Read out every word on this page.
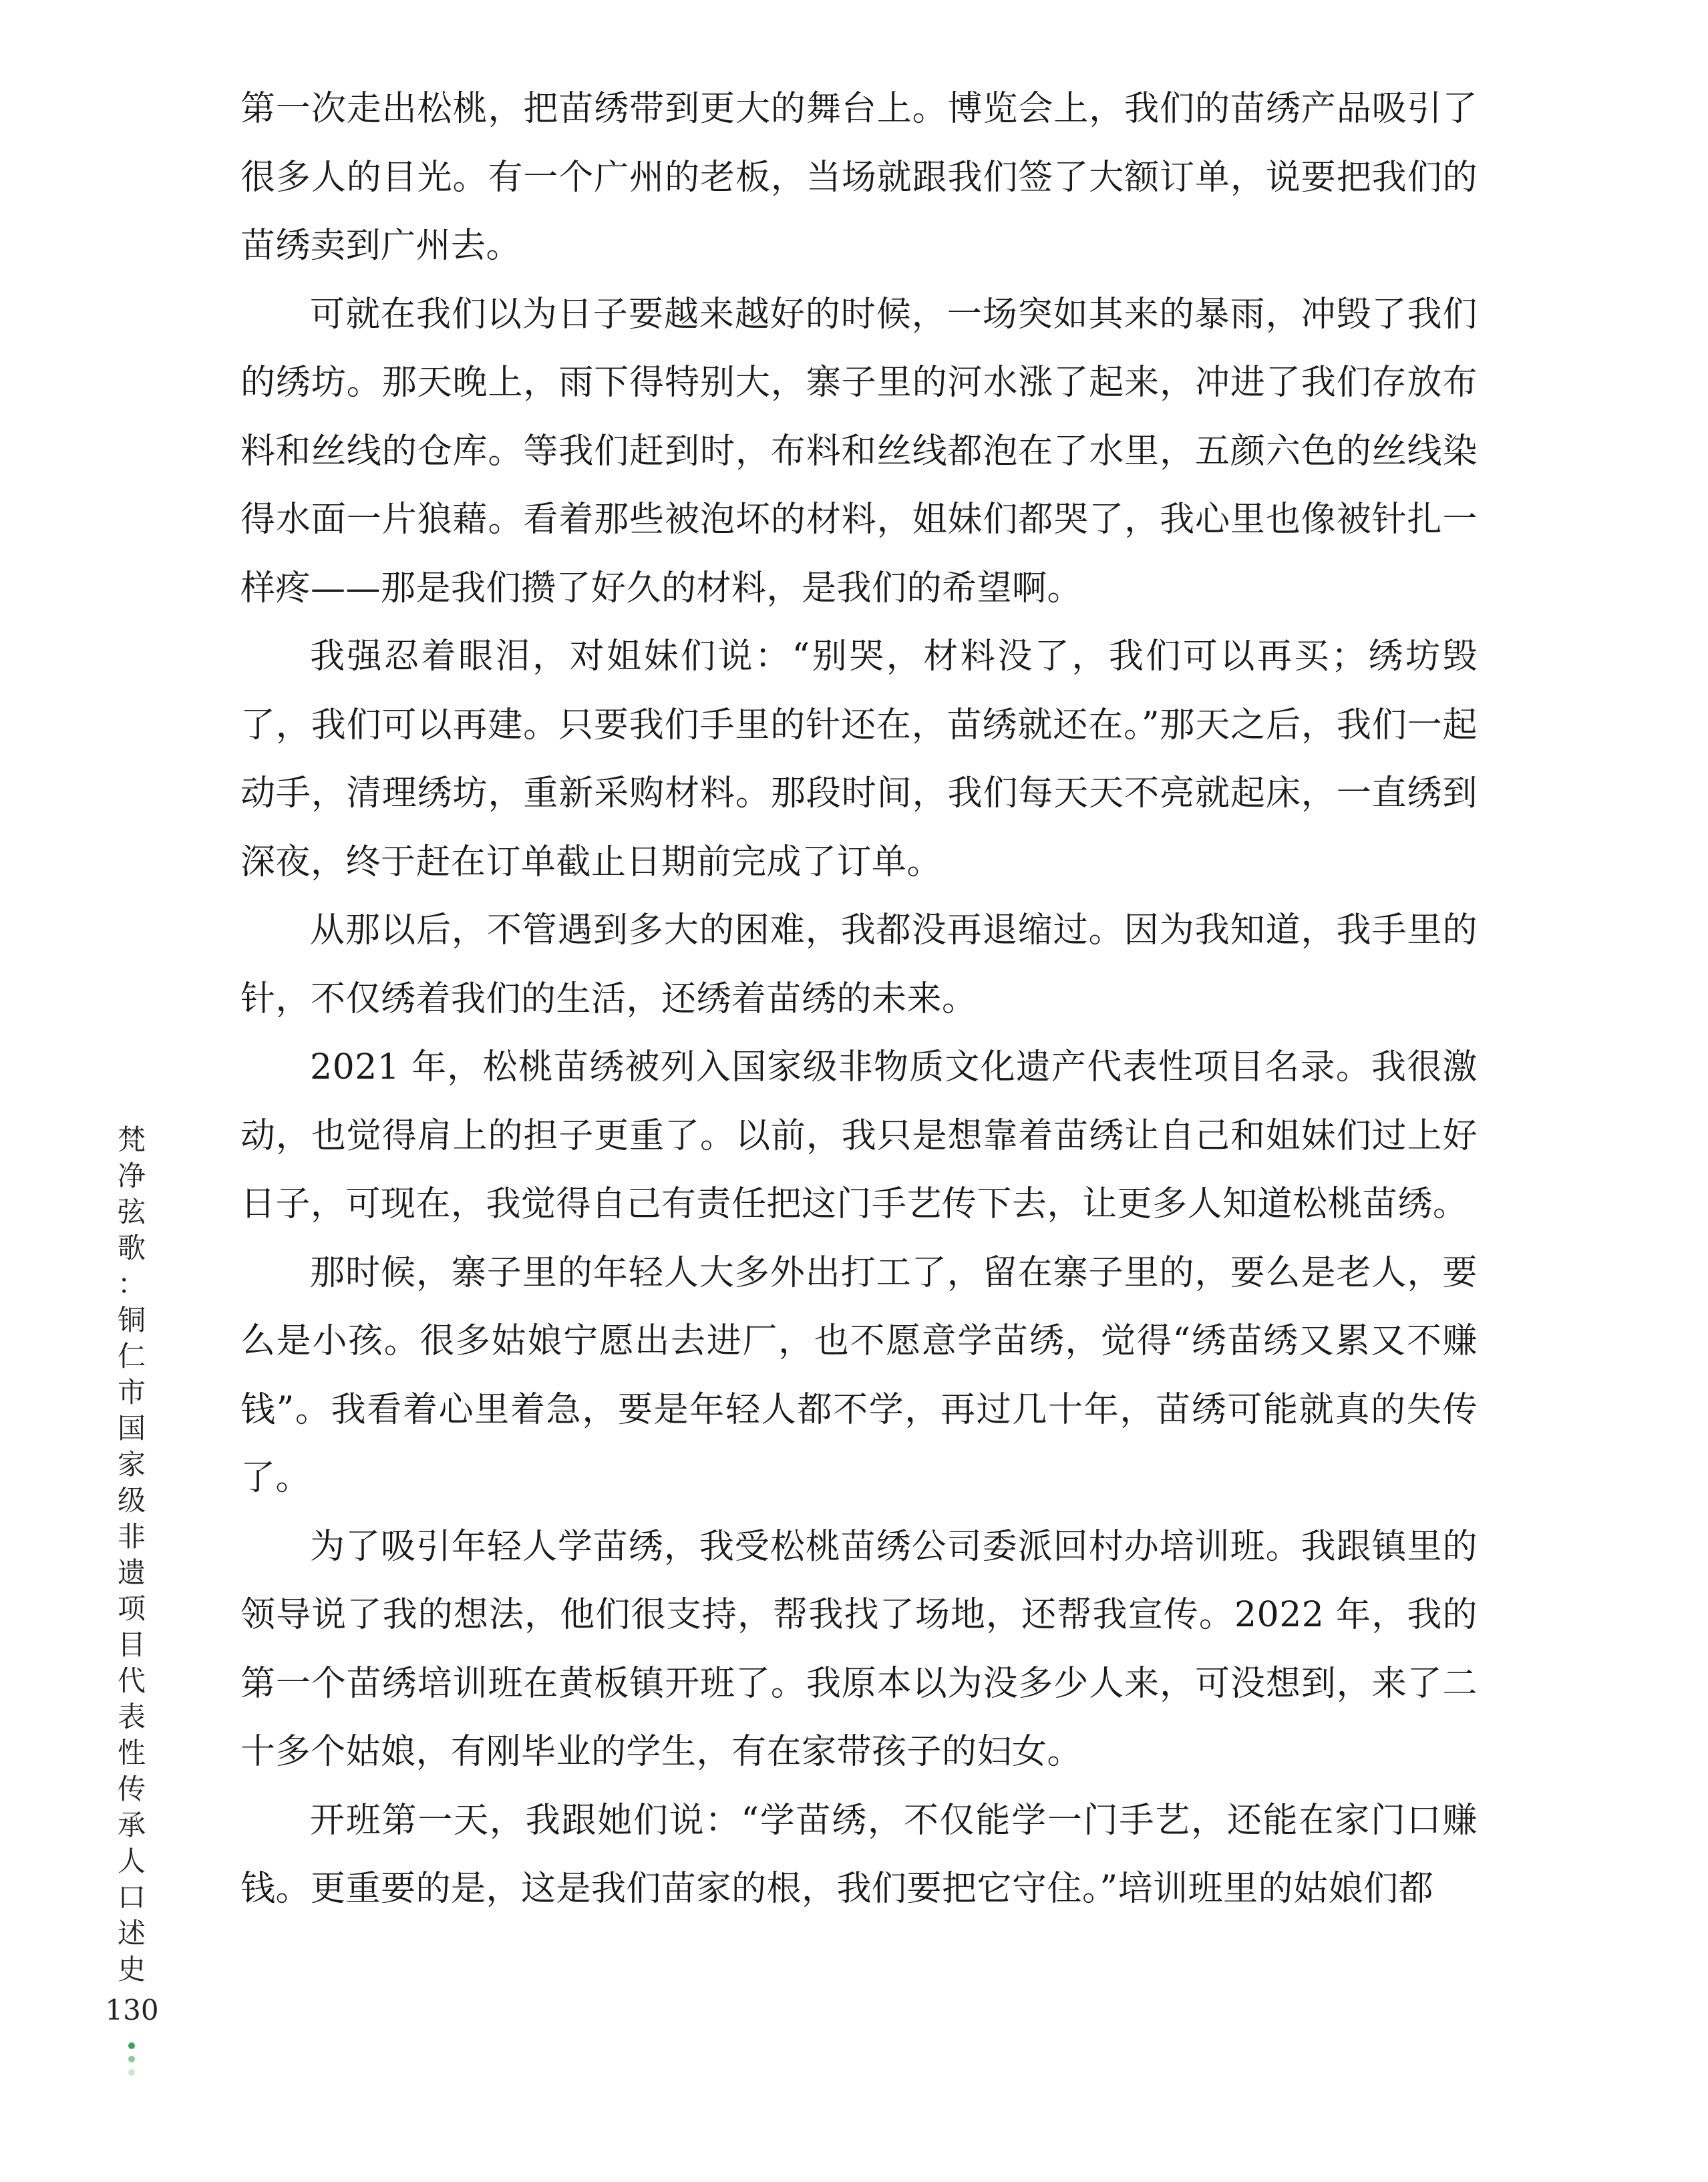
第一次走出松桃，把苗绣带到更大的舞台上。博览会上，我们的苗绣产品吸引了很多人的目光。有一个广州的老板，当场就跟我们签了大额订单，说要把我们的苗绣卖到广州去。

可就在我们以为日子要越来越好的时候，一场突如其来的暴雨，冲毁了我们的绣坊。那天晚上，雨下得特别大，寨子里的河水涨了起来，冲进了我们存放布料和丝线的仓库。等我们赶到时，布料和丝线都泡在了水里，五颜六色的丝线染得水面一片狼藉。看着那些被泡坏的材料，姐妹们都哭了，我心里也像被针扎一样疼——那是我们攒了好久的材料，是我们的希望啊。

我强忍着眼泪，对姐妹们说：“别哭，材料没了，我们可以再买；绣坊毁了，我们可以再建。只要我们手里的针还在，苗绣就还在。”那天之后，我们一起动手，清理绣坊，重新采购材料。那段时间，我们每天天不亮就起床，一直绣到深夜，终于赶在订单截止日期前完成了订单。

从那以后，不管遇到多大的困难，我都没再退缩过。因为我知道，我手里的针，不仅绣着我们的生活，还绣着苗绣的未来。

2021 年，松桃苗绣被列入国家级非物质文化遗产代表性项目名录。我很激动，也觉得肩上的担子更重了。以前，我只是想靠着苗绣让自己和姐妹们过上好日子，可现在，我觉得自己有责任把这门手艺传下去，让更多人知道松桃苗绣。

那时候，寨子里的年轻人大多外出打工了，留在寨子里的，要么是老人，要么是小孩。很多姑娘宁愿出去进厂，也不愿意学苗绣，觉得“绣苗绣又累又不赚钱”。我看着心里着急，要是年轻人都不学，再过几十年，苗绣可能就真的失传了。

为了吸引年轻人学苗绣，我受松桃苗绣公司委派回村办培训班。我跟镇里的领导说了我的想法，他们很支持，帮我找了场地，还帮我宣传。2022 年，我的第一个苗绣培训班在黄板镇开班了。我原本以为没多少人来，可没想到，来了二十多个姑娘，有刚毕业的学生，有在家带孩子的妇女。

开班第一天，我跟她们说：“学苗绣，不仅能学一门手艺，还能在家门口赚钱。更重要的是，这是我们苗家的根，我们要把它守住。”培训班里的姑娘们都

梵
净
弦
歌
：
铜
仁
市
国
家
级
非
遗
项
目
代
表
性
传
承
人
口
述
史
130
